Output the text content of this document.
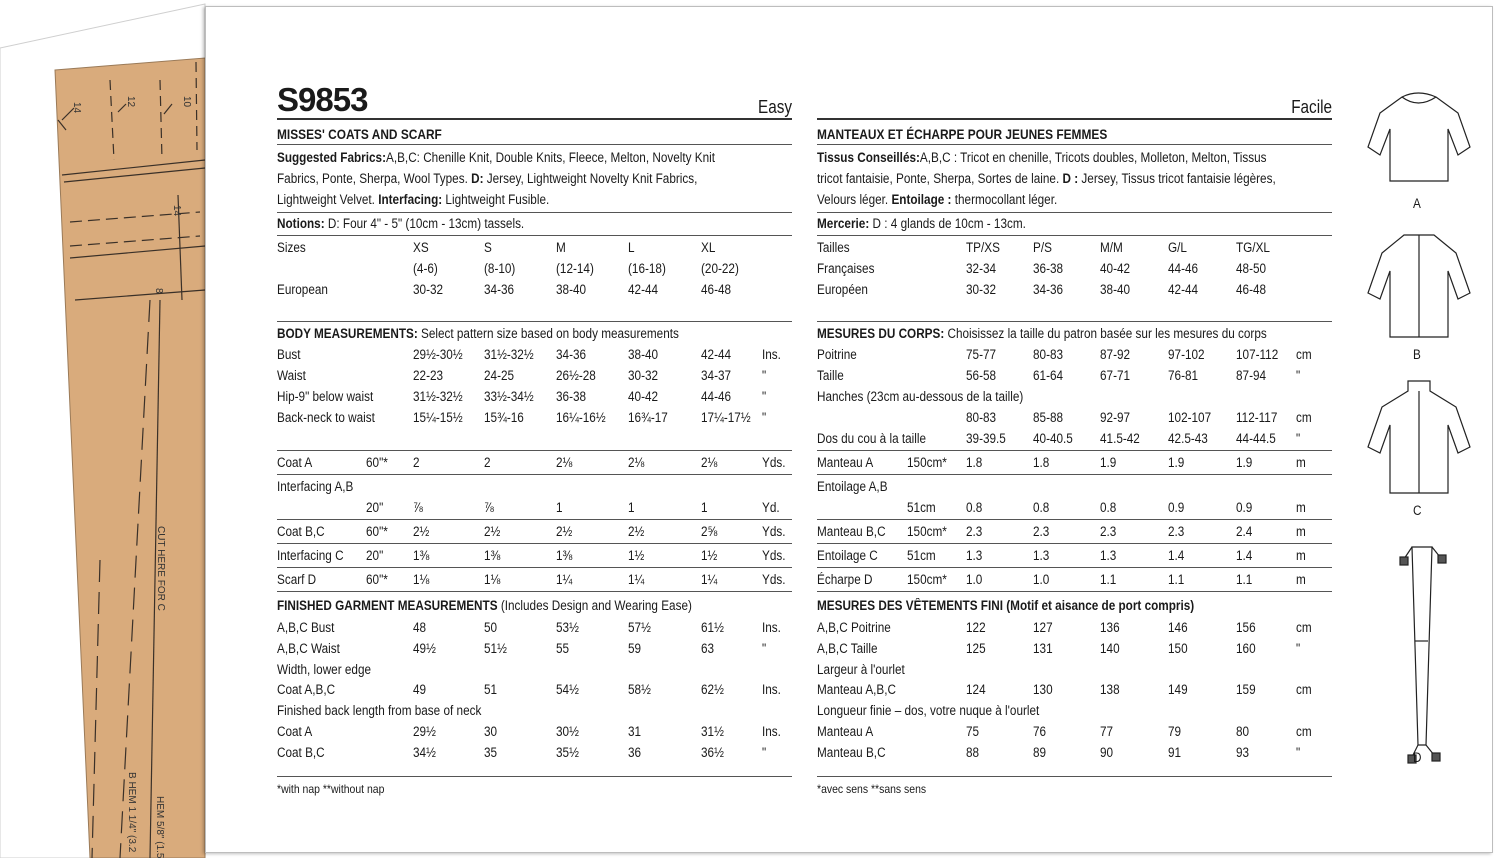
14
12	10
14
8
CUT HERE FOR C
B HEM 1 1/4" (3.2 HEM 5/8" (1.5
S9853	Easy	Facile
MISSES' COATS AND SCARF
Suggested Fabrics:A,B,C: Chenille Knit, Double Knits, Fleece, Melton, Novelty Knit
Fabrics, Ponte, Sherpa, Wool Types. D: Jersey, Lightweight Novelty Knit Fabrics,
Lightweight Velvet. Interfacing: Lightweight Fusible.
Notions: D: Four 4" - 5" (10cm - 13cm) tassels.
Sizes	XS	S	M	L	XL
(4-6)	(8-10)	(12-14)	(16-18)	(20-22)
European	30-32	34-36	38-40	42-44	46-48
BODY MEASUREMENTS: Select pattern size based on body measurements
Bust	29½-30½ 31½-32½ 34-36	38-40	42-44 Ins.
Waist	22-23	24-25	26½-28 30-32	34-37 "
Hip-9" below waist	31½-32½ 33½-34½ 36-38	40-42	44-46 "
Back-neck to waist	15¼-15½ 15¾-16 16¼-16½ 16¾-17 17¼-17½ "
Coat A	60"* 2	2	2⅛	2⅛	2⅛	Yds.
Interfacing A,B
20" ⅞	⅞	1	1	1	Yd.
Coat B,C	60"* 2½	2½	2½	2½	2⅝	Yds.
Interfacing C 20" 1⅜	1⅜	1⅜	1½	1½	Yds.
Scarf D	60"* 1⅛	1⅛	1¼	1¼	1¼	Yds.
FINISHED GARMENT MEASUREMENTS (Includes Design and Wearing Ease)
A,B,C Bust	48	50	53½	57½	61½	Ins.
A,B,C Waist	49½	51½	55	59	63	"
Width, lower edge
Coat A,B,C	49	51	54½	58½	62½	Ins.
Finished back length from base of neck
Coat A	29½	30	30½	31	31½	Ins.
Coat B,C	34½	35	35½	36	36½	"
*with nap **without nap
MANTEAUX ET ÉCHARPE POUR JEUNES FEMMES
Tissus Conseillés:A,B,C : Tricot en chenille, Tricots doubles, Molleton, Melton, Tissus
tricot fantaisie, Ponte, Sherpa, Sortes de laine. D : Jersey, Tissus tricot fantaisie légères,
Velours léger. Entoilage : thermocollant léger.
Mercerie: D : 4 glands de 10cm - 13cm.
Tailles	TP/XS P/S	M/M	G/L	TG/XL
Françaises	32-34	36-38	40-42	44-46	48-50
Européen	30-32	34-36	38-40	42-44	46-48
MESURES DU CORPS: Choisissez la taille du patron basée sur les mesures du corps
Poitrine	75-77	80-83	87-92	97-102 107-112 cm
Taille	56-58	61-64	67-71	76-81	87-94 "
Hanches (23cm au-dessous de la taille)
80-83	85-88	92-97	102-107 112-117 cm
Dos du cou à la taille	39-39.5 40-40.5 41.5-42 42.5-43 44-44.5 "
Manteau A	150cm* 1.8	1.8	1.9	1.9	1.9	m
Entoilage A,B
51cm 0.8	0.8	0.8	0.9	0.9	m
Manteau B,C 150cm* 2.3	2.3	2.3	2.3	2.4	m
Entoilage C 51cm 1.3	1.3	1.3	1.4	1.4	m
Écharpe D	150cm* 1.0	1.0	1.1	1.1	1.1	m
MESURES DES VÊTEMENTS FINI (Motif et aisance de port compris)
A,B,C Poitrine	122	127	136	146	156	cm
A,B,C Taille	125	131	140	150	160	"
Largeur à l'ourlet
Manteau A,B,C	124	130	138	149	159	cm
Longueur finie – dos, votre nuque à l'ourlet
Manteau A	75	76	77	79	80	cm
Manteau B,C	88	89	90	91	93	"
*avec sens **sans sens
A
B
C
D
